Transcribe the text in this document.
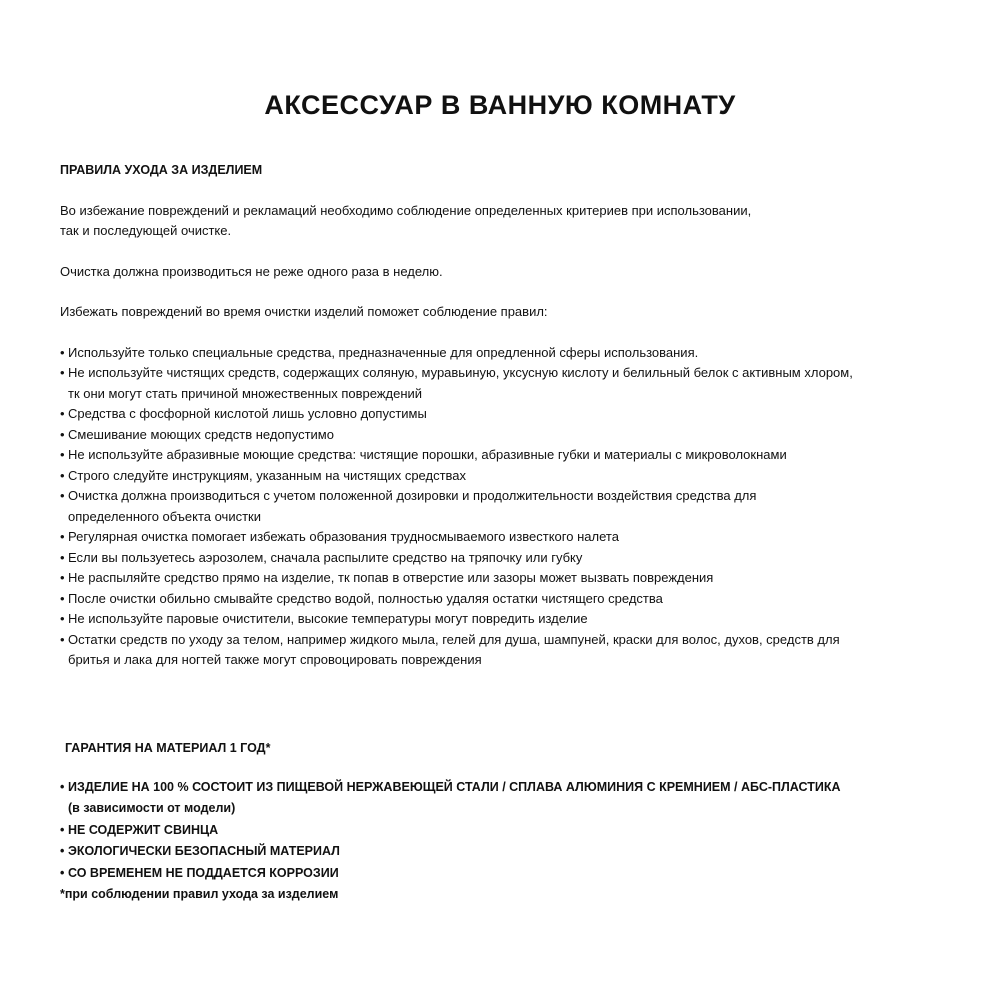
АКСЕССУАР В ВАННУЮ КОМНАТУ

ПРАВИЛА УХОДА ЗА ИЗДЕЛИЕМ

Во избежание повреждений и рекламаций необходимо соблюдение определенных критериев при использовании,
так и последующей очистке.

Очистка должна производиться не реже одного раза в неделю.

Избежать повреждений во время очистки изделий поможет соблюдение правил:

• Используйте только специальные средства, предназначенные для опредленной сферы использования.
• Не используйте чистящих средств, содержащих соляную, муравьиную, уксусную кислоту и белильный белок с активным хлором,
тк они могут стать причиной множественных повреждений
• Средства с фосфорной кислотой лишь условно допустимы
• Смешивание моющих средств недопустимо
• Не используйте абразивные моющие средства: чистящие порошки, абразивные губки и материалы с микроволокнами
• Строго следуйте инструкциям, указанным на чистящих средствах
• Очистка должна производиться с учетом положенной дозировки и продолжительности воздействия средства для
определенного объекта очистки
• Регулярная очистка помогает избежать образования трудносмываемого известкого налета
• Если вы пользуетесь аэрозолем, сначала распылите средство на тряпочку или губку
• Не распыляйте средство прямо на изделие, тк попав в отверстие или зазоры может вызвать повреждения
• После очистки обильно смывайте средство водой, полностью удаляя остатки чистящего средства
• Не используйте паровые очистители, высокие температуры могут повредить изделие
• Остатки средств по уходу за телом, например жидкого мыла, гелей для душа, шампуней, краски для волос, духов, средств для
бритья и лака для ногтей также могут спровоцировать повреждения

ГАРАНТИЯ НА МАТЕРИАЛ 1 ГОД*

• ИЗДЕЛИЕ НА 100 % СОСТОИТ ИЗ ПИЩЕВОЙ НЕРЖАВЕЮЩЕЙ СТАЛИ / СПЛАВА АЛЮМИНИЯ С КРЕМНИЕМ / АБС-ПЛАСТИКА
(в зависимости от модели)
• НЕ СОДЕРЖИТ СВИНЦА
• ЭКОЛОГИЧЕСКИ БЕЗОПАСНЫЙ МАТЕРИАЛ
• СО ВРЕМЕНЕМ НЕ ПОДДАЕТСЯ КОРРОЗИИ

*при соблюдении правил ухода за изделием
